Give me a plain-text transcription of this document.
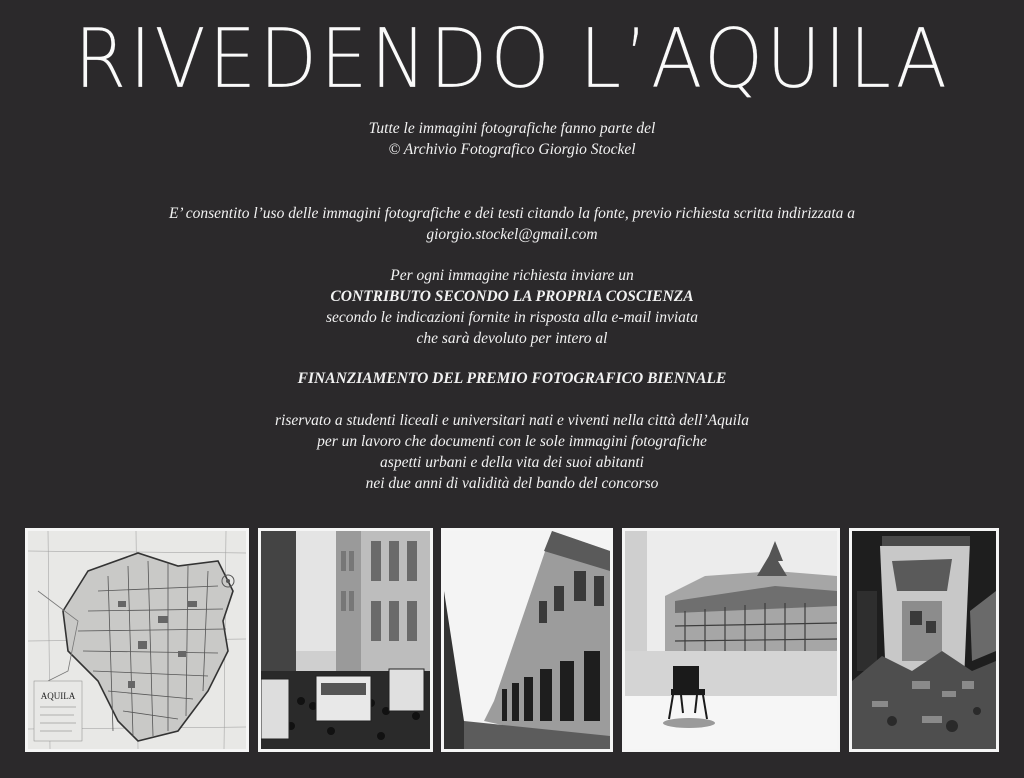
RIVEDENDO L’AQUILA
Tutte le immagini fotografiche fanno parte del
© Archivio Fotografico Giorgio Stockel
E’ consentito l’uso delle immagini fotografiche e dei testi citando la fonte, previo richiesta scritta indirizzata a
giorgio.stockel@gmail.com
Per ogni immagine richiesta inviare un
CONTRIBUTO SECONDO LA PROPRIA COSCIENZA
secondo le indicazioni fornite in risposta alla e-mail inviata
che sarà devoluto per intero al
FINANZIAMENTO DEL PREMIO FOTOGRAFICO BIENNALE
riservato a studenti liceali e universitari nati e viventi nella città dell’Aquila
per un lavoro che documenti con le sole immagini fotografiche
aspetti urbani e della vita dei suoi abitanti
nei due anni di validità del bando del concorso
AQUILA
